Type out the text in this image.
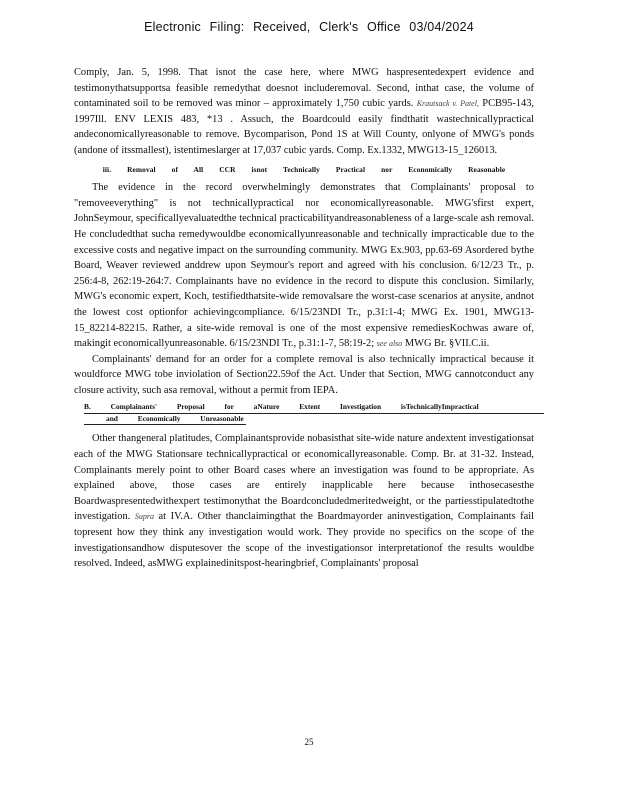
Electronic Filing: Received, Clerk's Office 03/04/2024

Comply, Jan. 5, 1998. That isnot the case here, where MWG haspresentedexpert evidence and testimonythatsupportsa feasible remedythat doesnot includeremoval. Second, inthat case, the volume of contaminated soil to be removed was minor – approximately 1,750 cubic yards. Krautsack v. Patel, PCB95-143, 1997Ill. ENV LEXIS 483, *13 . Assuch, the Boardcould easily findthatit wastechnicallypractical andeconomicallyreasonable to remove. Bycomparison, Pond 1S at Will County, onlyone of MWG's ponds (andone of itssmallest), istentimeslarger at 17,037 cubic yards. Comp. Ex.1332, MWG13-15_126013.

iii. Removal of All CCR isnot Technically Practical nor Economically Reasonable

The evidence in the record overwhelmingly demonstrates that Complainants' proposal to "removeeverything" is not technicallypractical nor economicallyreasonable. MWG'sfirst expert, JohnSeymour, specificallyevaluatedthe technical practicabilityandreasonableness of a large-scale ash removal. He concludedthat sucha remedywouldbe economicallyunreasonable and technically impracticable due to the excessive costs and negative impact on the surrounding community. MWG Ex.903, pp.63-69 Asordered bythe Board, Weaver reviewed anddrew upon Seymour's report and agreed with his conclusion. 6/12/23 Tr., p. 256:4-8, 262:19-264:7. Complainants have no evidence in the record to dispute this conclusion. Similarly, MWG's economic expert, Koch, testifiedthatsite-wide removalsare the worst-case scenarios at anysite, andnot the lowest cost optionfor achievingcompliance. 6/15/23NDI Tr., p.31:1-4; MWG Ex. 1901, MWG13-15_82214-82215. Rather, a site-wide removal is one of the most expensive remediesKochwas aware of, makingit economicallyunreasonable. 6/15/23NDI Tr., p.31:1-7, 58:19-2; see also MWG Br. §VII.C.ii.

Complainants' demand for an order for a complete removal is also technically impractical because it wouldforce MWG tobe inviolation of Section22.59of the Act. Under that Section, MWG cannotconduct any closure activity, such asa removal, without a permit from IEPA.

B. Complainants' Proposal for aNature Extent Investigation isTechnicallyImpractical
and Economically Unreasonable

Other thangeneral platitudes, Complainantsprovide nobasisthat site-wide nature andextent investigationsat each of the MWG Stationsare technicallypractical or economicallyreasonable. Comp. Br. at 31-32. Instead, Complainants merely point to other Board cases where an investigation was found to be appropriate. As explained above, those cases are entirely inapplicable here because inthosecasesthe Boardwaspresentedwithexpert testimonythat the Boardconcludedmeritedweight, or the partiesstipulatedtothe investigation. Supra at IV.A. Other thanclaimingthat the Boardmayorder aninvestigation, Complainants fail topresent how they think any investigation would work. They provide no specifics on the scope of the investigationsandhow disputesover the scope of the investigationsor interpretationof the results wouldbe resolved. Indeed, asMWG explainedinitspost-hearingbrief, Complainants' proposal

25
